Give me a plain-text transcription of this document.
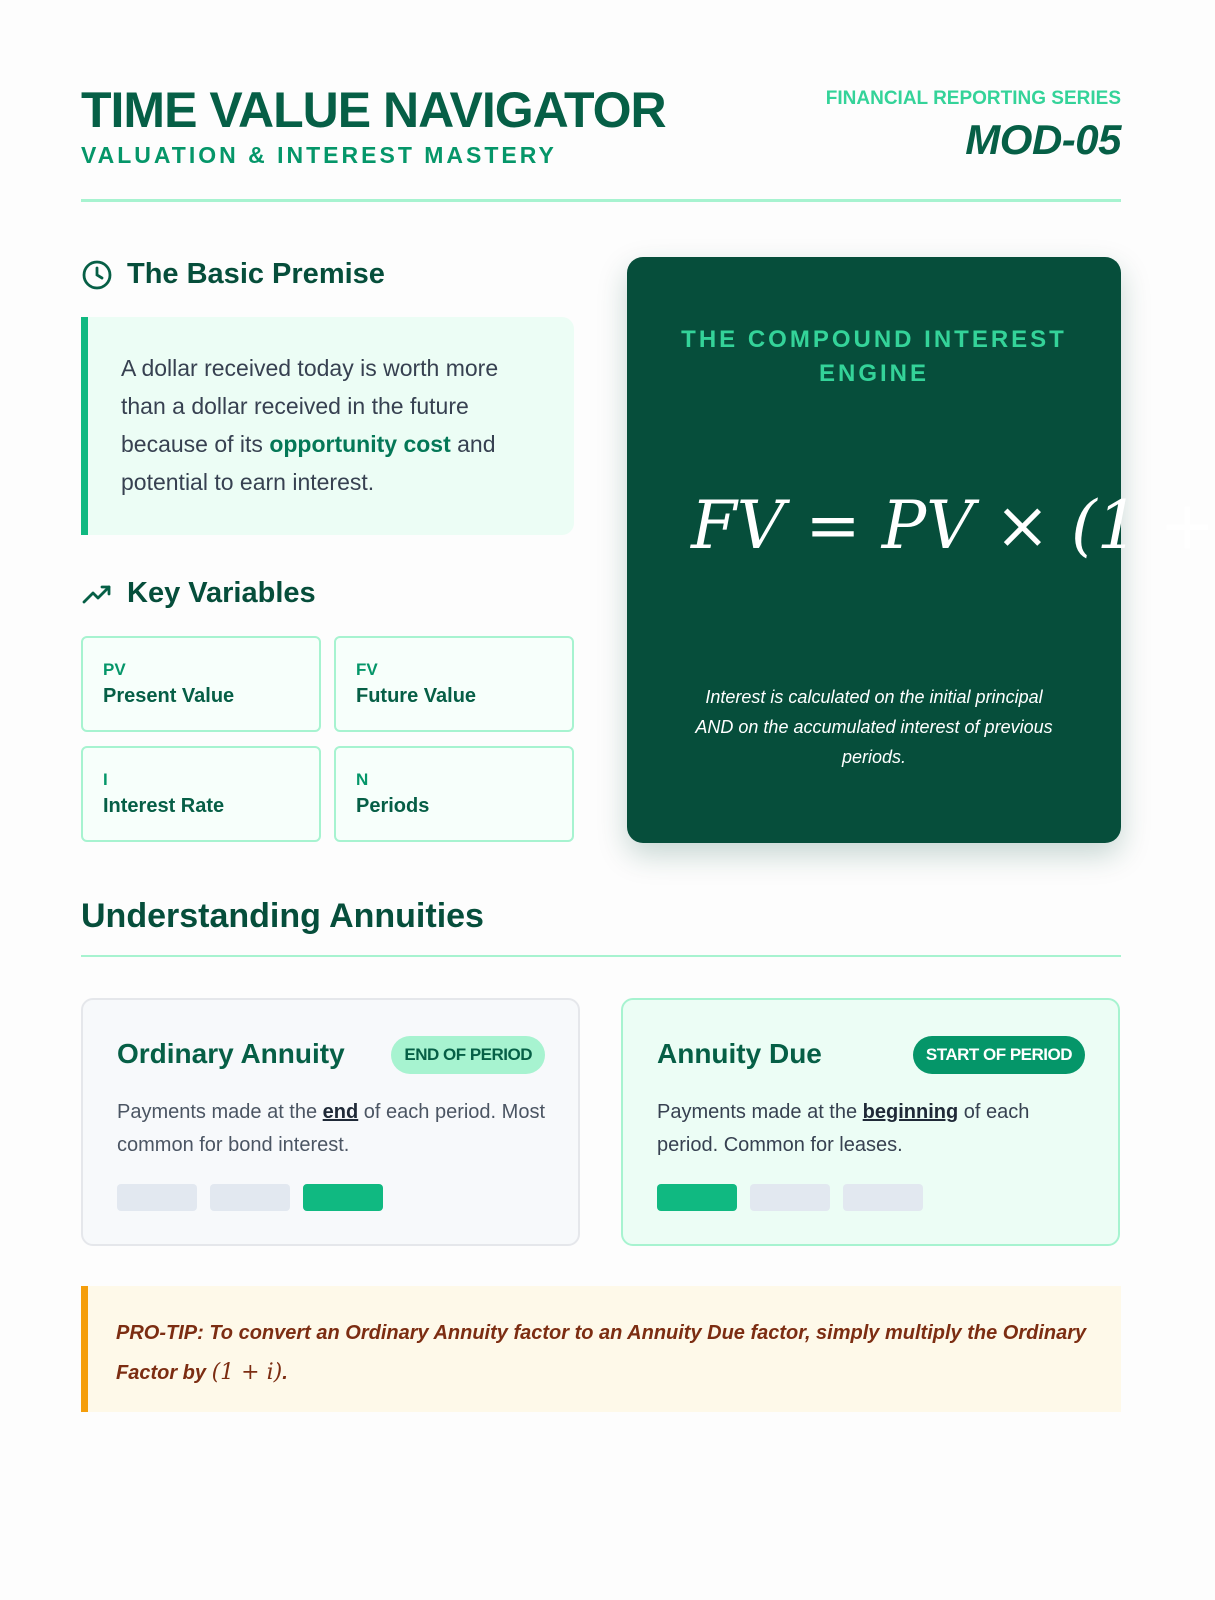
TIME VALUE NAVIGATOR
VALUATION & INTEREST MASTERY
FINANCIAL REPORTING SERIES
MOD-05
The Basic Premise
A dollar received today is worth more than a dollar received in the future because of its opportunity cost and potential to earn interest.
Key Variables
PV
Present Value
FV
Future Value
I
Interest Rate
N
Periods
THE COMPOUND INTEREST ENGINE
FV = PV × (1 +
Interest is calculated on the initial principal AND on the accumulated interest of previous periods.
Understanding Annuities
Ordinary Annuity	END OF PERIOD
Payments made at the end of each period. Most common for bond interest.
Annuity Due	START OF PERIOD
Payments made at the beginning of each period. Common for leases.
PRO-TIP: To convert an Ordinary Annuity factor to an Annuity Due factor, simply multiply the Ordinary Factor by (1 + i).
